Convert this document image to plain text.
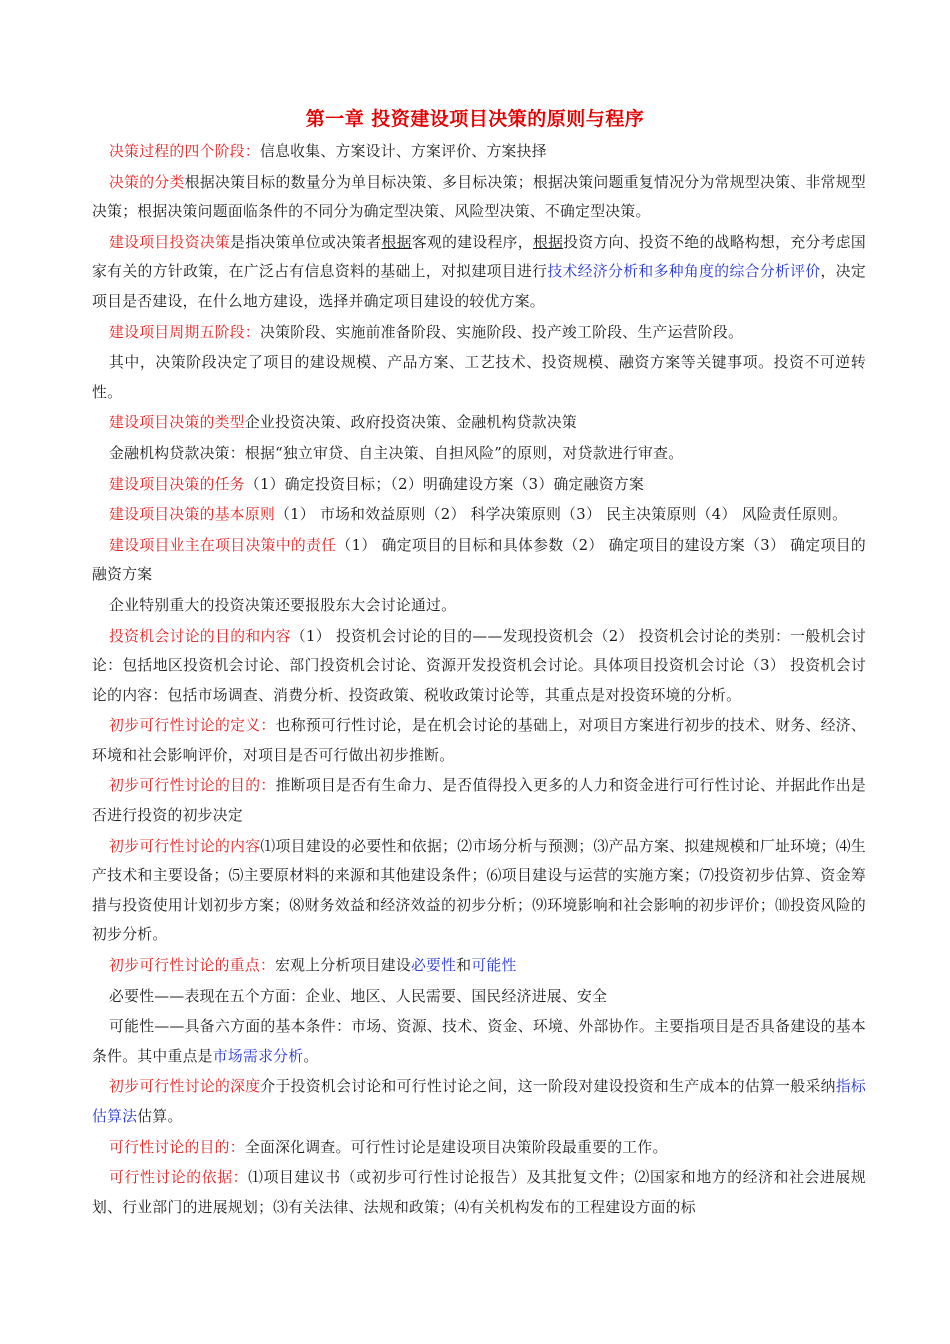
第一章 投资建设项目决策的原则与程序

决策过程的四个阶段：信息收集、方案设计、方案评价、方案抉择

决策的分类根据决策目标的数量分为单目标决策、多目标决策；根据决策问题重复情况分为常规型决策、非常规型决策；根据决策问题面临条件的不同分为确定型决策、风险型决策、不确定型决策。

建设项目投资决策是指决策单位或决策者根据客观的建设程序，根据投资方向、投资不绝的战略构想，充分考虑国家有关的方针政策，在广泛占有信息资料的基础上，对拟建项目进行技术经济分析和多种角度的综合分析评价，决定项目是否建设，在什么地方建设，选择并确定项目建设的较优方案。

建设项目周期五阶段：决策阶段、实施前准备阶段、实施阶段、投产竣工阶段、生产运营阶段。

其中，决策阶段决定了项目的建设规模、产品方案、工艺技术、投资规模、融资方案等关键事项。投资不可逆转性。

建设项目决策的类型企业投资决策、政府投资决策、金融机构贷款决策

金融机构贷款决策：根据“独立审贷、自主决策、自担风险”的原则，对贷款进行审查。

建设项目决策的任务（1）确定投资目标；（2）明确建设方案（3）确定融资方案

建设项目决策的基本原则（1） 市场和效益原则（2） 科学决策原则（3） 民主决策原则（4） 风险责任原则。

建设项目业主在项目决策中的责任（1） 确定项目的目标和具体参数（2） 确定项目的建设方案（3） 确定项目的融资方案

企业特别重大的投资决策还要报股东大会讨论通过。

投资机会讨论的目的和内容（1） 投资机会讨论的目的——发现投资机会（2） 投资机会讨论的类别：一般机会讨论：包括地区投资机会讨论、部门投资机会讨论、资源开发投资机会讨论。具体项目投资机会讨论（3） 投资机会讨论的内容：包括市场调查、消费分析、投资政策、税收政策讨论等，其重点是对投资环境的分析。

初步可行性讨论的定义：也称预可行性讨论，是在机会讨论的基础上，对项目方案进行初步的技术、财务、经济、环境和社会影响评价，对项目是否可行做出初步推断。

初步可行性讨论的目的：推断项目是否有生命力、是否值得投入更多的人力和资金进行可行性讨论、并据此作出是否进行投资的初步决定

初步可行性讨论的内容⑴项目建设的必要性和依据；⑵市场分析与预测；⑶产品方案、拟建规模和厂址环境；⑷生产技术和主要设备；⑸主要原材料的来源和其他建设条件；⑹项目建设与运营的实施方案；⑺投资初步估算、资金筹措与投资使用计划初步方案；⑻财务效益和经济效益的初步分析；⑼环境影响和社会影响的初步评价；⑽投资风险的初步分析。

初步可行性讨论的重点：宏观上分析项目建设必要性和可能性

必要性——表现在五个方面：企业、地区、人民需要、国民经济进展、安全

可能性——具备六方面的基本条件：市场、资源、技术、资金、环境、外部协作。主要指项目是否具备建设的基本条件。其中重点是市场需求分析。

初步可行性讨论的深度介于投资机会讨论和可行性讨论之间，这一阶段对建设投资和生产成本的估算一般采纳指标估算法估算。

可行性讨论的目的：全面深化调查。可行性讨论是建设项目决策阶段最重要的工作。

可行性讨论的依据：⑴项目建议书（或初步可行性讨论报告）及其批复文件；⑵国家和地方的经济和社会进展规划、行业部门的进展规划；⑶有关法律、法规和政策；⑷有关机构发布的工程建设方面的标
